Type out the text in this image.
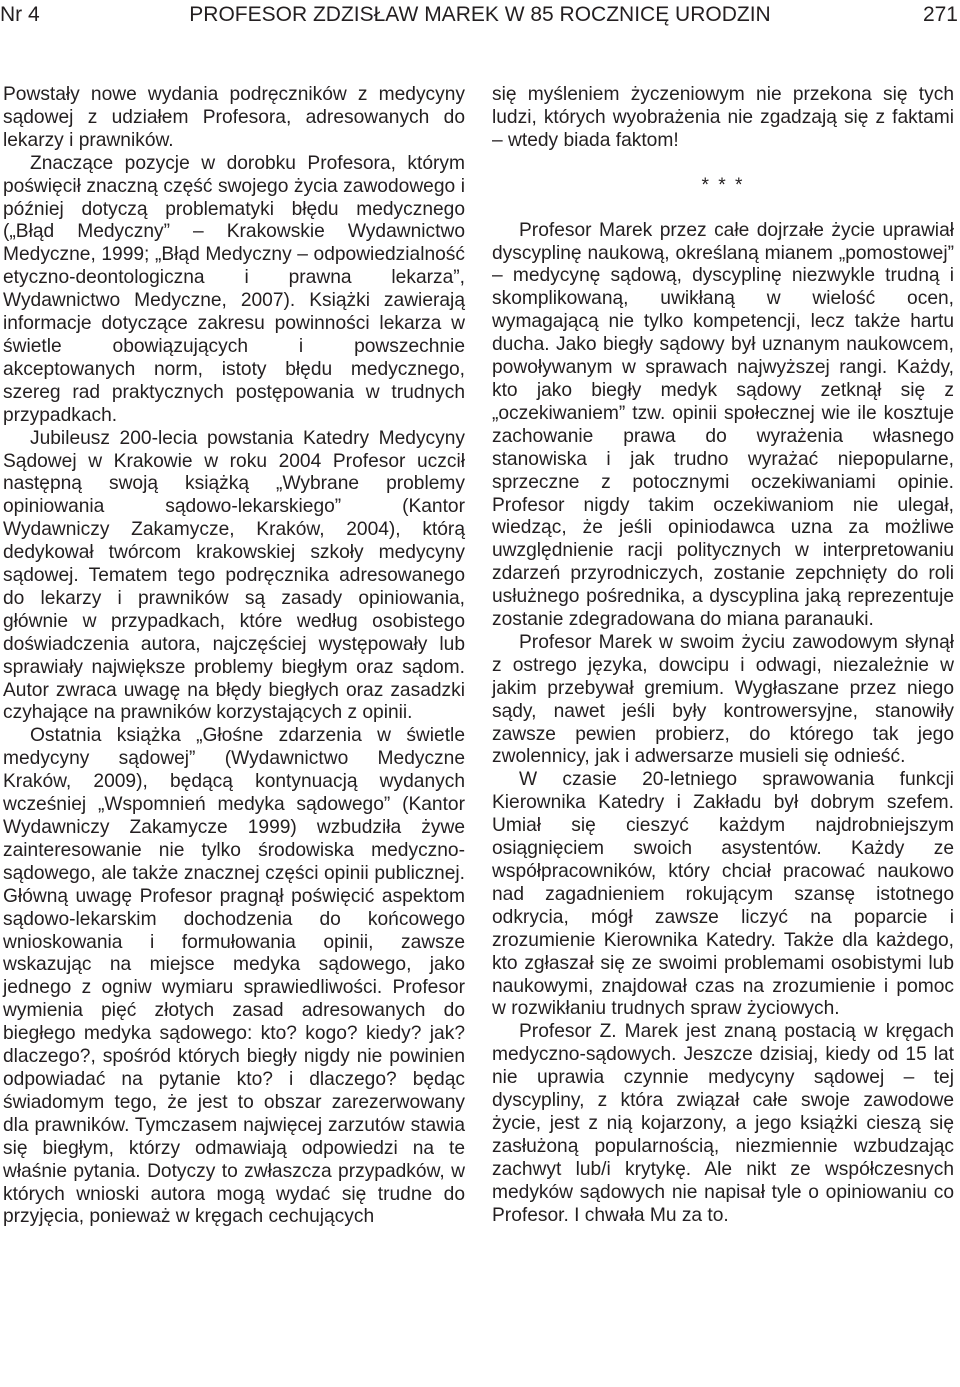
Nr 4	PROFESOR ZDZISŁAW MAREK W 85 ROCZNICĘ URODZIN	271

Powstały nowe wydania podręczników z medycyny sądowej z udziałem Profesora, adresowanych do lekarzy i prawników.

Znaczące pozycje w dorobku Profesora, którym poświęcił znaczną część swojego życia zawodowego i później dotyczą problematyki błędu medycznego („Błąd Medyczny” – Krakowskie Wydawnictwo Medyczne, 1999; „Błąd Medyczny – odpowiedzialność etyczno-deontologiczna i prawna lekarza”, Wydawnictwo Medyczne, 2007). Książki zawierają informacje dotyczące zakresu powinności lekarza w świetle obowiązujących i powszechnie akceptowanych norm, istoty błędu medycznego, szereg rad praktycznych postępowania w trudnych przypadkach.

Jubileusz 200-lecia powstania Katedry Medycyny Sądowej w Krakowie w roku 2004 Profesor uczcił następną swoją książką „Wybrane problemy opiniowania sądowo-lekarskiego” (Kantor Wydawniczy Zakamycze, Kraków, 2004), którą dedykował twórcom krakowskiej szkoły medycyny sądowej. Tematem tego podręcznika adresowanego do lekarzy i prawników są zasady opiniowania, głównie w przypadkach, które według osobistego doświadczenia autora, najczęściej występowały lub sprawiały największe problemy biegłym oraz sądom. Autor zwraca uwagę na błędy biegłych oraz zasadzki czyhające na prawników korzystających z opinii.

Ostatnia książka „Głośne zdarzenia w świetle medycyny sądowej” (Wydawnictwo Medyczne Kraków, 2009), będącą kontynuacją wydanych wcześniej „Wspomnień medyka sądowego” (Kantor Wydawniczy Zakamycze 1999) wzbudziła żywe zainteresowanie nie tylko środowiska medyczno-sądowego, ale także znacznej części opinii publicznej. Główną uwagę Profesor pragnął poświęcić aspektom sądowo-lekarskim dochodzenia do końcowego wnioskowania i formułowania opinii, zawsze wskazując na miejsce medyka sądowego, jako jednego z ogniw wymiaru sprawiedliwości. Profesor wymienia pięć złotych zasad adresowanych do biegłego medyka sądowego: kto? kogo? kiedy? jak? dlaczego?, spośród których biegły nigdy nie powinien odpowiadać na pytanie kto? i dlaczego? będąc świadomym tego, że jest to obszar zarezerwowany dla prawników. Tymczasem najwięcej zarzutów stawia się biegłym, którzy odmawiają odpowiedzi na te właśnie pytania. Dotyczy to zwłaszcza przypadków, w których wnioski autora mogą wydać się trudne do przyjęcia, ponieważ w kręgach cechujących

się myśleniem życzeniowym nie przekona się tych ludzi, których wyobrażenia nie zgadzają się z faktami – wtedy biada faktom!

* * *

Profesor Marek przez całe dojrzałe życie uprawiał dyscyplinę naukową, określaną mianem „pomostowej” – medycynę sądową, dyscyplinę niezwykle trudną i skomplikowaną, uwikłaną w wielość ocen, wymagającą nie tylko kompetencji, lecz także hartu ducha. Jako biegły sądowy był uznanym naukowcem, powoływanym w sprawach najwyższej rangi. Każdy, kto jako biegły medyk sądowy zetknął się z „oczekiwaniem” tzw. opinii społecznej wie ile kosztuje zachowanie prawa do wyrażenia własnego stanowiska i jak trudno wyrażać niepopularne, sprzeczne z potocznymi oczekiwaniami opinie. Profesor nigdy takim oczekiwaniom nie ulegał, wiedząc, że jeśli opiniodawca uzna za możliwe uwzględnienie racji politycznych w interpretowaniu zdarzeń przyrodniczych, zostanie zepchnięty do roli usłużnego pośrednika, a dyscyplina jaką reprezentuje zostanie zdegradowana do miana paranauki.

Profesor Marek w swoim życiu zawodowym słynął z ostrego języka, dowcipu i odwagi, niezależnie w jakim przebywał gremium. Wygłaszane przez niego sądy, nawet jeśli były kontrowersyjne, stanowiły zawsze pewien probierz, do którego tak jego zwolennicy, jak i adwersarze musieli się odnieść.

W czasie 20-letniego sprawowania funkcji Kierownika Katedry i Zakładu był dobrym szefem. Umiał się cieszyć każdym najdrobniejszym osiągnięciem swoich asystentów. Każdy ze współpracowników, który chciał pracować naukowo nad zagadnieniem rokującym szansę istotnego odkrycia, mógł zawsze liczyć na poparcie i zrozumienie Kierownika Katedry. Także dla każdego, kto zgłaszał się ze swoimi problemami osobistymi lub naukowymi, znajdował czas na zrozumienie i pomoc w rozwikłaniu trudnych spraw życiowych.

Profesor Z. Marek jest znaną postacią w kręgach medyczno-sądowych. Jeszcze dzisiaj, kiedy od 15 lat nie uprawia czynnie medycyny sądowej – tej dyscypliny, z która związał całe swoje zawodowe życie, jest z nią kojarzony, a jego książki cieszą się zasłużoną popularnością, niezmiennie wzbudzając zachwyt lub/i krytykę. Ale nikt ze współczesnych medyków sądowych nie napisał tyle o opiniowaniu co Profesor. I chwała Mu za to.
